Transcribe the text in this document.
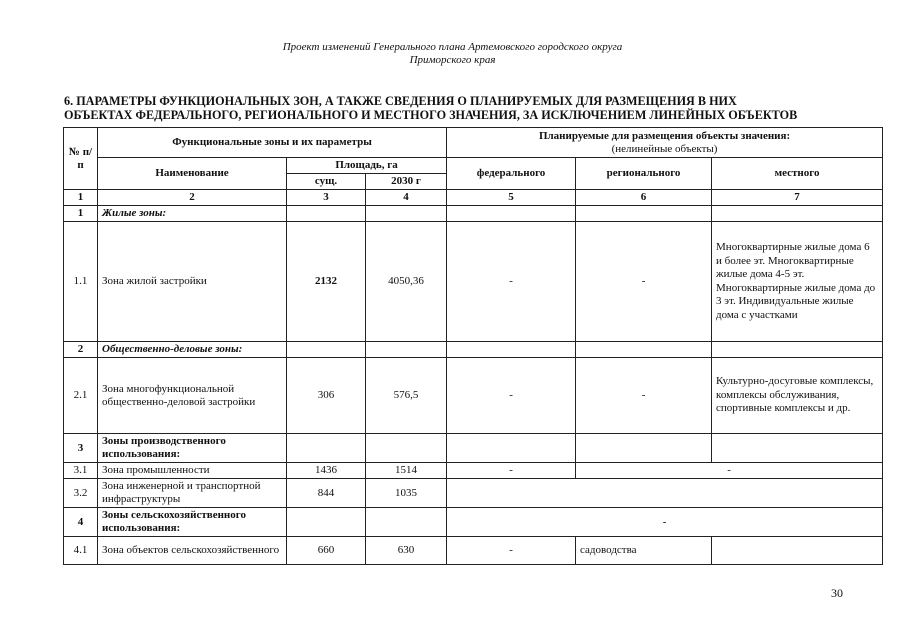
Проект изменений Генерального плана Артемовского городского округа
Приморского края
6. ПАРАМЕТРЫ ФУНКЦИОНАЛЬНЫХ ЗОН, А ТАКЖЕ СВЕДЕНИЯ О ПЛАНИРУЕМЫХ ДЛЯ РАЗМЕЩЕНИЯ В НИХ
ОБЪЕКТАХ ФЕДЕРАЛЬНОГО, РЕГИОНАЛЬНОГО И МЕСТНОГО ЗНАЧЕНИЯ, ЗА ИСКЛЮЧЕНИЕМ ЛИНЕЙНЫХ ОБЪЕКТОВ
№ п/п	Функциональные зоны и их параметры			Планируемые для размещения объекты значения:
(нелинейные объекты)		

	Наименование	Площадь, га		федерального	регионального	местного
		сущ.	2030 г			
1	2	3	4	5	6	7
1	Жилые зоны:					
1.1	Зона жилой застройки	2132	4050,36	-	-	Многоквартирные жилые дома 6 и более эт. Многоквартирные жилые дома 4-5 эт. Многоквартирные жилые дома до 3 эт. Индивидуальные жилые дома с участками
2	Общественно-деловые зоны:					
2.1	Зона многофункциональной общественно-деловой застройки	306	576,5	-	-	Культурно-досуговые комплексы, комплексы обслуживания, спортивные комплексы и др.
3	Зоны производственного использования:					
3.1	Зона промышленности	1436	1514	-	-	
3.2	Зона инженерной и транспортной инфраструктуры	844	1035			
4	Зоны сельскохозяйственного использования:			-		
4.1	Зона объектов сельскохозяйственного	660	630	-	садоводства	
30
